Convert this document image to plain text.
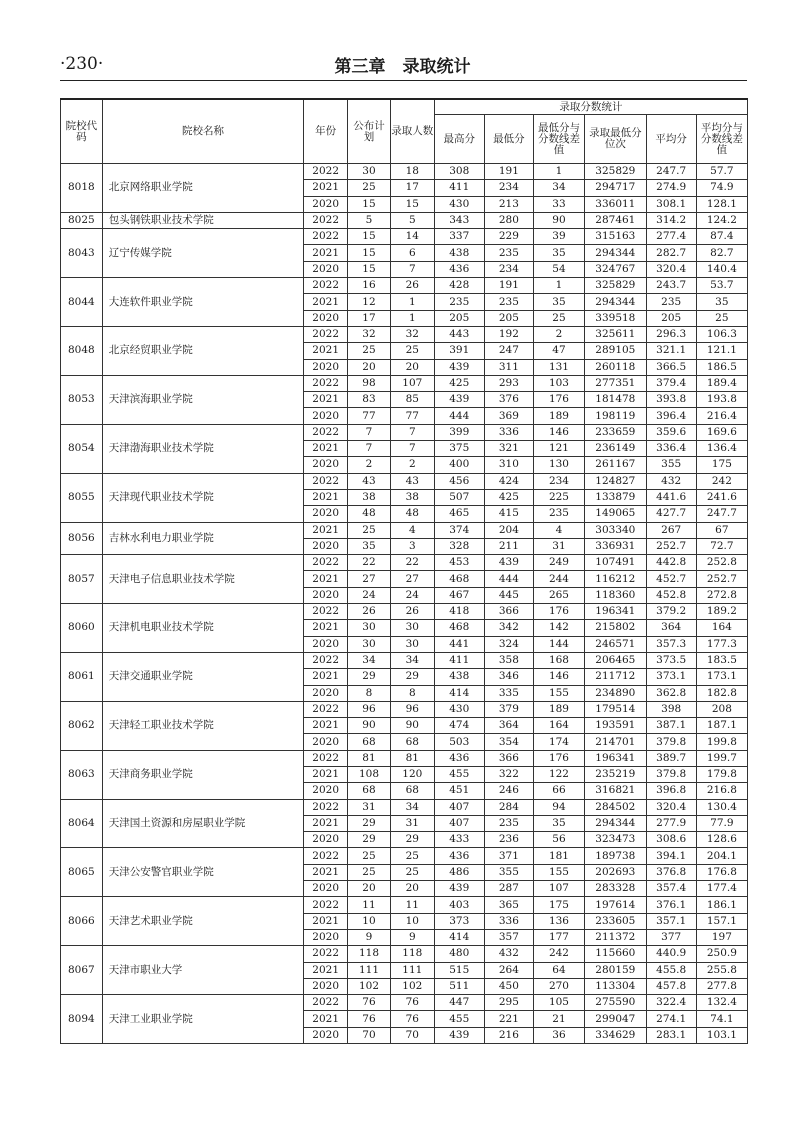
·230·	第三章　录取统计
院校代码	院校名称	年份	公布计划	录取人数	录取分数统计					
					最高分	最低分	最低分与分数线差值	录取最低分位次	平均分	平均分与分数线差值
8018	北京网络职业学院	2022	30	18	308	191	1	325829	247.7	57.7
		2021	25	17	411	234	34	294717	274.9	74.9
		2020	15	15	430	213	33	336011	308.1	128.1
8025	包头钢铁职业技术学院	2022	5	5	343	280	90	287461	314.2	124.2
8043	辽宁传媒学院	2022	15	14	337	229	39	315163	277.4	87.4
		2021	15	6	438	235	35	294344	282.7	82.7
		2020	15	7	436	234	54	324767	320.4	140.4
8044	大连软件职业学院	2022	16	26	428	191	1	325829	243.7	53.7
		2021	12	1	235	235	35	294344	235	35
		2020	17	1	205	205	25	339518	205	25
8048	北京经贸职业学院	2022	32	32	443	192	2	325611	296.3	106.3
		2021	25	25	391	247	47	289105	321.1	121.1
		2020	20	20	439	311	131	260118	366.5	186.5
8053	天津滨海职业学院	2022	98	107	425	293	103	277351	379.4	189.4
		2021	83	85	439	376	176	181478	393.8	193.8
		2020	77	77	444	369	189	198119	396.4	216.4
8054	天津渤海职业技术学院	2022	7	7	399	336	146	233659	359.6	169.6
		2021	7	7	375	321	121	236149	336.4	136.4
		2020	2	2	400	310	130	261167	355	175
8055	天津现代职业技术学院	2022	43	43	456	424	234	124827	432	242
		2021	38	38	507	425	225	133879	441.6	241.6
		2020	48	48	465	415	235	149065	427.7	247.7
8056	吉林水利电力职业学院	2021	25	4	374	204	4	303340	267	67
		2020	35	3	328	211	31	336931	252.7	72.7
8057	天津电子信息职业技术学院	2022	22	22	453	439	249	107491	442.8	252.8
		2021	27	27	468	444	244	116212	452.7	252.7
		2020	24	24	467	445	265	118360	452.8	272.8
8060	天津机电职业技术学院	2022	26	26	418	366	176	196341	379.2	189.2
		2021	30	30	468	342	142	215802	364	164
		2020	30	30	441	324	144	246571	357.3	177.3
8061	天津交通职业学院	2022	34	34	411	358	168	206465	373.5	183.5
		2021	29	29	438	346	146	211712	373.1	173.1
		2020	8	8	414	335	155	234890	362.8	182.8
8062	天津轻工职业技术学院	2022	96	96	430	379	189	179514	398	208
		2021	90	90	474	364	164	193591	387.1	187.1
		2020	68	68	503	354	174	214701	379.8	199.8
8063	天津商务职业学院	2022	81	81	436	366	176	196341	389.7	199.7
		2021	108	120	455	322	122	235219	379.8	179.8
		2020	68	68	451	246	66	316821	396.8	216.8
8064	天津国土资源和房屋职业学院	2022	31	34	407	284	94	284502	320.4	130.4
		2021	29	31	407	235	35	294344	277.9	77.9
		2020	29	29	433	236	56	323473	308.6	128.6
8065	天津公安警官职业学院	2022	25	25	436	371	181	189738	394.1	204.1
		2021	25	25	486	355	155	202693	376.8	176.8
		2020	20	20	439	287	107	283328	357.4	177.4
8066	天津艺术职业学院	2022	11	11	403	365	175	197614	376.1	186.1
		2021	10	10	373	336	136	233605	357.1	157.1
		2020	9	9	414	357	177	211372	377	197
8067	天津市职业大学	2022	118	118	480	432	242	115660	440.9	250.9
		2021	111	111	515	264	64	280159	455.8	255.8
		2020	102	102	511	450	270	113304	457.8	277.8
8094	天津工业职业学院	2022	76	76	447	295	105	275590	322.4	132.4
		2021	76	76	455	221	21	299047	274.1	74.1
		2020	70	70	439	216	36	334629	283.1	103.1
